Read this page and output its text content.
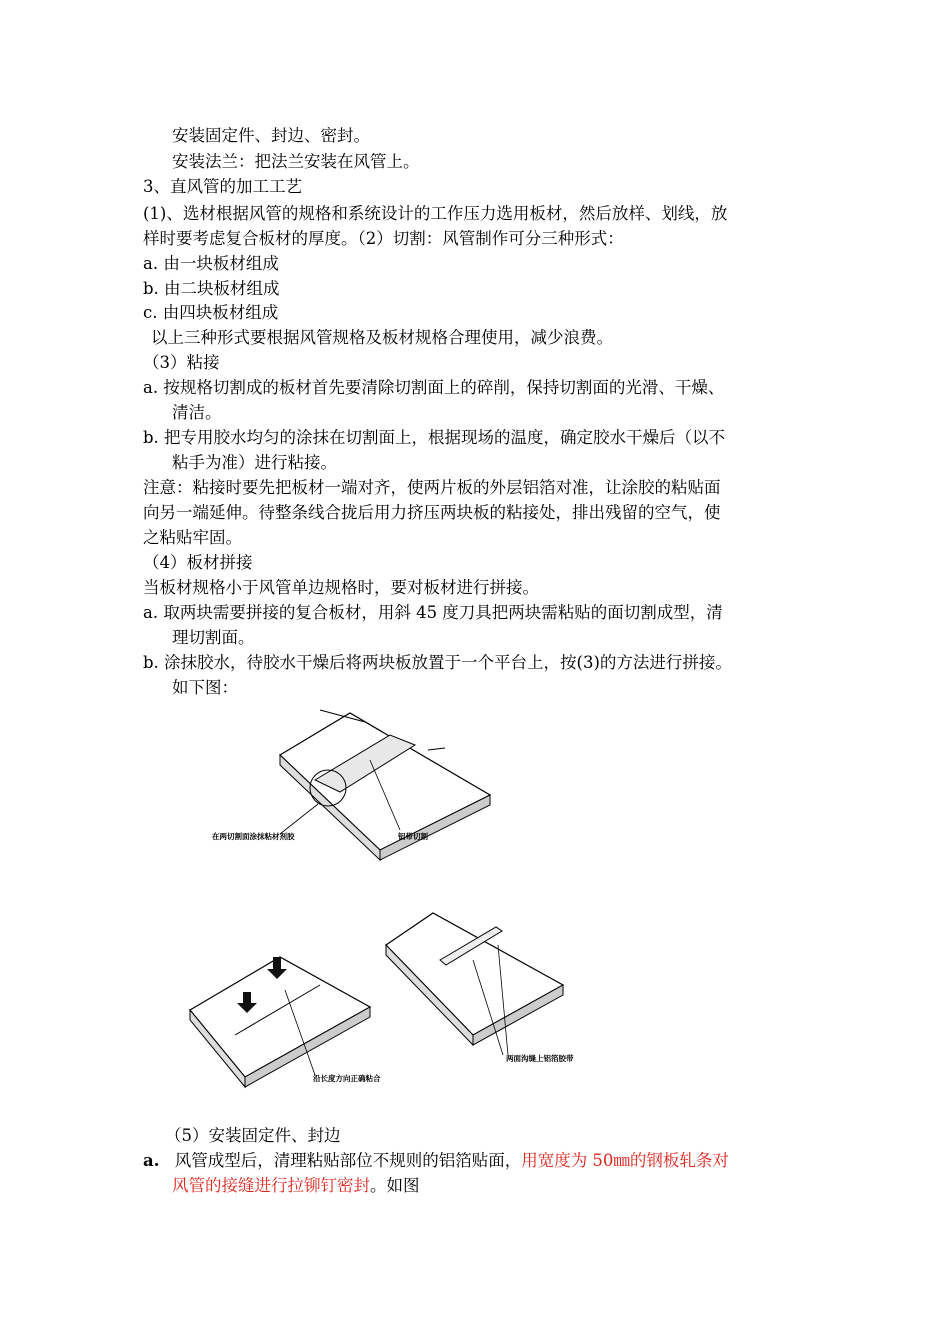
安装固定件、封边、密封。
安装法兰：把法兰安装在风管上。
3、直风管的加工工艺
(1)、选材根据风管的规格和系统设计的工作压力选用板材，然后放样、划线，放
样时要考虑复合板材的厚度。（2）切割：风管制作可分三种形式：
a. 由一块板材组成
b. 由二块板材组成
c. 由四块板材组成
以上三种形式要根据风管规格及板材规格合理使用，减少浪费。
（3）粘接
a. 按规格切割成的板材首先要清除切割面上的碎削，保持切割面的光滑、干燥、
清洁。
b. 把专用胶水均匀的涂抹在切割面上，根据现场的温度，确定胶水干燥后（以不
粘手为准）进行粘接。
注意：粘接时要先把板材一端对齐，使两片板的外层铝箔对准，让涂胶的粘贴面
向另一端延伸。待整条线合拢后用力挤压两块板的粘接处，排出残留的空气，使
之粘贴牢固。
（4）板材拼接
当板材规格小于风管单边规格时，要对板材进行拼接。
a. 取两块需要拼接的复合板材，用斜 45 度刀具把两块需粘贴的面切割成型，清
理切割面。
b. 涂抹胶水，待胶水干燥后将两块板放置于一个平台上，按(3)的方法进行拼接。
如下图：
在两切割面涂抹粘材剂胶	铝带切割
沿长度方向正确粘合
两面沟缝上铝箔胶带
（5）安装固定件、封边
a. 风管成型后，清理粘贴部位不规则的铝箔贴面，用宽度为 50㎜的钢板轧条对
风管的接缝进行拉铆钉密封。如图
